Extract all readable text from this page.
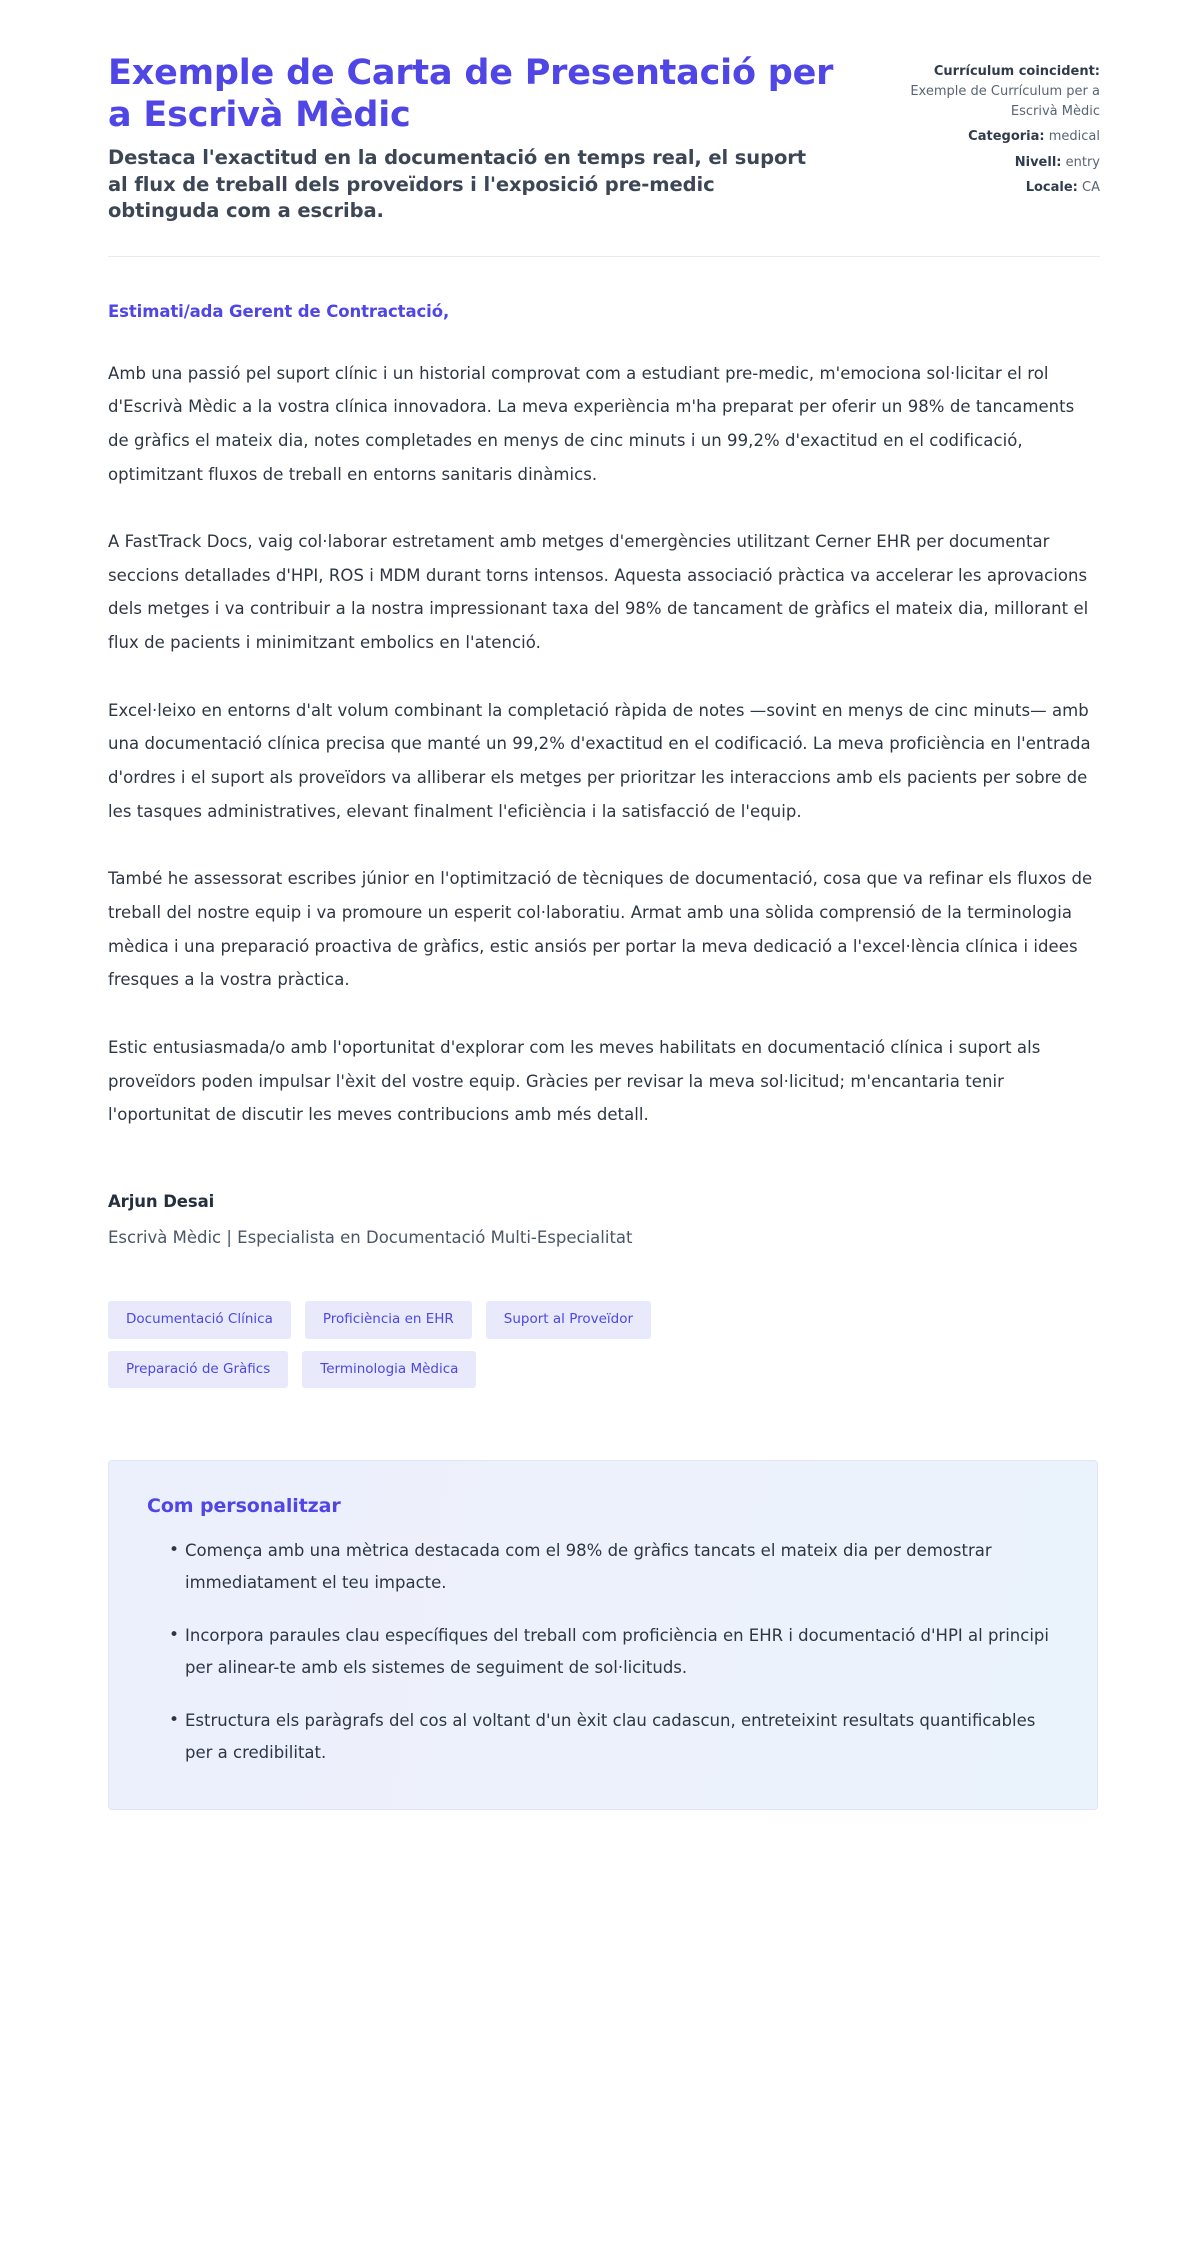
Exemple de Carta de Presentació per a Escrivà Mèdic

Destaca l'exactitud en la documentació en temps real, el suport al flux de treball dels proveïdors i l'exposició pre-medic obtinguda com a escriba.

Currículum coincident: Exemple de Currículum per a Escrivà Mèdic
Categoria: medical
Nivell: entry
Locale: CA

Estimati/ada Gerent de Contractació,

Amb una passió pel suport clínic i un historial comprovat com a estudiant pre-medic, m'emociona sol·licitar el rol d'Escrivà Mèdic a la vostra clínica innovadora. La meva experiència m'ha preparat per oferir un 98% de tancaments de gràfics el mateix dia, notes completades en menys de cinc minuts i un 99,2% d'exactitud en el codificació, optimitzant fluxos de treball en entorns sanitaris dinàmics.

A FastTrack Docs, vaig col·laborar estretament amb metges d'emergències utilitzant Cerner EHR per documentar seccions detallades d'HPI, ROS i MDM durant torns intensos. Aquesta associació pràctica va accelerar les aprovacions dels metges i va contribuir a la nostra impressionant taxa del 98% de tancament de gràfics el mateix dia, millorant el flux de pacients i minimitzant embolics en l'atenció.

Excel·leixo en entorns d'alt volum combinant la completació ràpida de notes —sovint en menys de cinc minuts— amb una documentació clínica precisa que manté un 99,2% d'exactitud en el codificació. La meva proficiència en l'entrada d'ordres i el suport als proveïdors va alliberar els metges per prioritzar les interaccions amb els pacients per sobre de les tasques administratives, elevant finalment l'eficiència i la satisfacció de l'equip.

També he assessorat escribes júnior en l'optimització de tècniques de documentació, cosa que va refinar els fluxos de treball del nostre equip i va promoure un esperit col·laboratiu. Armat amb una sòlida comprensió de la terminologia mèdica i una preparació proactiva de gràfics, estic ansiós per portar la meva dedicació a l'excel·lència clínica i idees fresques a la vostra pràctica.

Estic entusiasmada/o amb l'oportunitat d'explorar com les meves habilitats en documentació clínica i suport als proveïdors poden impulsar l'èxit del vostre equip. Gràcies per revisar la meva sol·licitud; m'encantaria tenir l'oportunitat de discutir les meves contribucions amb més detall.

Arjun Desai

Escrivà Mèdic | Especialista en Documentació Multi-Especialitat

Documentació Clínica	Proficiència en EHR	Suport al Proveïdor
Preparació de Gràfics	Terminologia Mèdica
Com personalitzar
• Comença amb una mètrica destacada com el 98% de gràfics tancats el mateix dia per demostrar immediatament el teu impacte.
• Incorpora paraules clau específiques del treball com proficiència en EHR i documentació d'HPI al principi per alinear-te amb els sistemes de seguiment de sol·licituds.
• Estructura els paràgrafs del cos al voltant d'un èxit clau cadascun, entreteixint resultats quantificables per a credibilitat.
